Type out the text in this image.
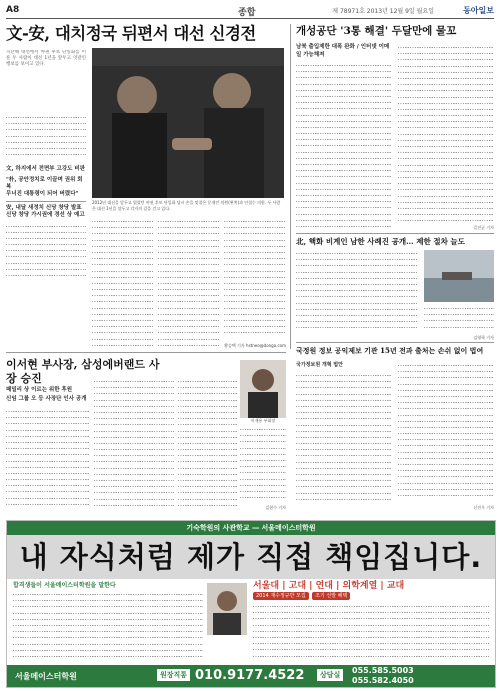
A8	종합	제 78971호 2013년 12월 9일 월요일	동아일보
文-安, 대치정국 뒤편서 대선 신경전
지난해 대선에서 야권 후보 단일화를 이룬 두 사람이 대선 1년을 앞두고 엇갈린 행보를 보이고 있다.
文, 하지에서 전면부 고강도 비판
"朴, 공안정치로 이끌며 권위 회복
무너진 대통령이 되어 버렸다"
安, 내달 새정치 신당 창당 발표
신당 창당 가시권에 경선 상 예고
2012년 대선을 앞두고 열렸던 야권 후보 단일화 당시 손을 맞잡은 문재인 의원(왼쪽)과 안철수 의원. 두 사람은 대선 1년을 앞두고 각자의 길을 걷고 있다.
황승택 기자 hstneo@donga.com
개성공단 '3통 해결' 두달만에 물꼬
남북 출입제한 대폭 완화 / 인터넷 이메일 가능해져
길진균 기자
北, 핵화 비계인 남한 사례진 공개… 제한 절차 늘도
김영학 기자
국정원 정보 공익제보 기관 15년 전과 출처는 손쉬 없이 법여
국가정보원 개혁 법안
신진우 기자
이서현 부사장, 삼성에버랜드 사장 승진
패밀리 상 이르는 위한 후원
신임 그룹 오 등 사장단 인사 공개
이재용 부회장
김현수 기자
기숙학원의 사관학교 ― 서울메이스터학원
내 자식처럼 제가 직접 책임집니다.
합격생들이 서울메이스터학원을 말한다	서울대 | 고대 | 연대 | 의학계열 | 교대
2014 재수정규반 모집 조기 선발 혜택
서울메이스터학원	원장직통 010.9177.4522	상담실	055.585.5003
055.582.4050
